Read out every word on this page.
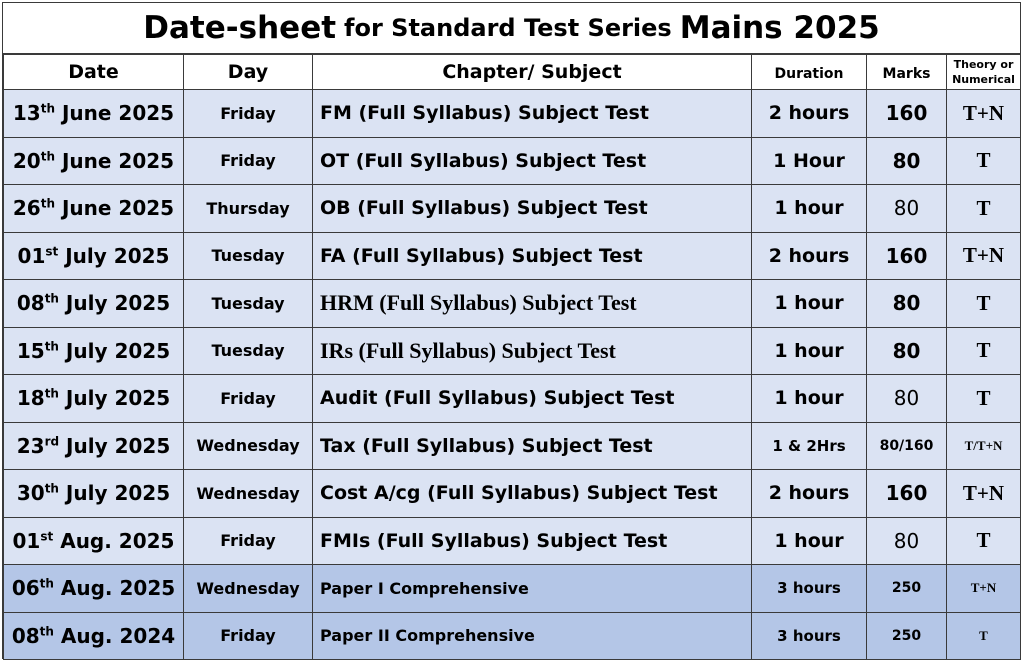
Date-sheet for Standard Test Series Mains 2025
Date	Day	Chapter/ Subject	Duration	Marks	Theory or
Numerical

13th June 2025	Friday	FM (Full Syllabus) Subject Test	2 hours	160	T+N
20th June 2025	Friday	OT (Full Syllabus) Subject Test	1 Hour	80	T
26th June 2025	Thursday	OB (Full Syllabus) Subject Test	1 hour	80	T
01st July 2025	Tuesday	FA (Full Syllabus) Subject Test	2 hours	160	T+N
08th July 2025	Tuesday	HRM (Full Syllabus) Subject Test	1 hour	80	T
15th July 2025	Tuesday	IRs (Full Syllabus) Subject Test	1 hour	80	T
18th July 2025	Friday	Audit (Full Syllabus) Subject Test	1 hour	80	T
23rd July 2025	Wednesday	Tax (Full Syllabus) Subject Test	1 & 2Hrs	80/160	T/T+N
30th July 2025	Wednesday	Cost A/cg (Full Syllabus) Subject Test	2 hours	160	T+N
01st Aug. 2025	Friday	FMIs (Full Syllabus) Subject Test	1 hour	80	T
06th Aug. 2025	Wednesday	Paper I Comprehensive	3 hours	250	T+N
08th Aug. 2024	Friday	Paper II Comprehensive	3 hours	250	T
